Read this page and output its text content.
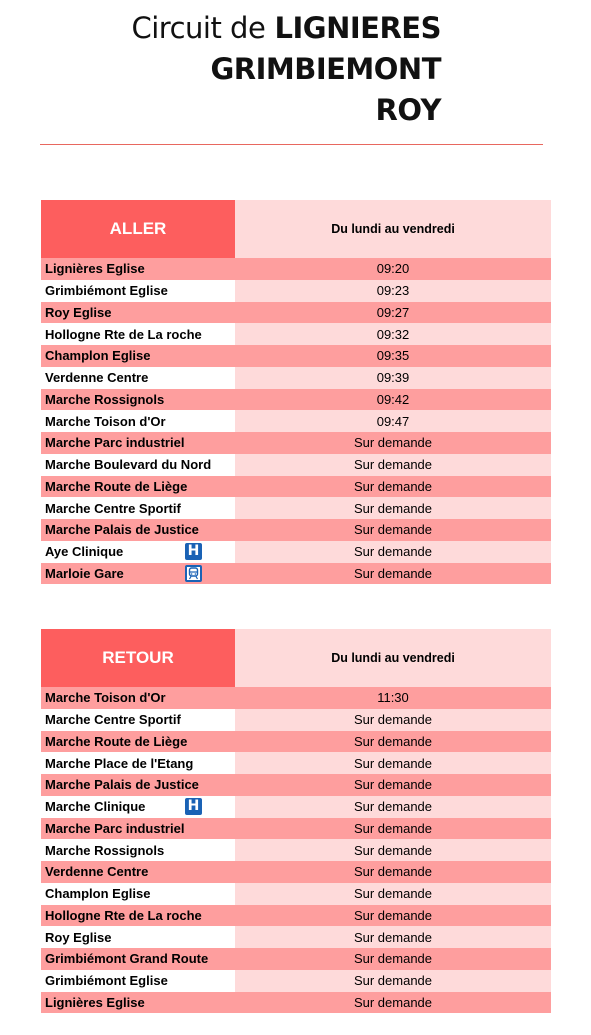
Circuit de LIGNIERES
GRIMBIEMONT
ROY
ALLER	Du lundi au vendredi
Lignières Eglise	09:20
Grimbiémont Eglise	09:23
Roy Eglise	09:27
Hollogne Rte de La roche	09:32
Champlon Eglise	09:35
Verdenne Centre	09:39
Marche Rossignols	09:42
Marche Toison d'Or	09:47
Marche Parc industriel	Sur demande
Marche Boulevard du Nord	Sur demande
Marche Route de Liège	Sur demande
Marche Centre Sportif	Sur demande
Marche Palais de Justice	Sur demande
Aye Clinique	H	Sur demande
Marloie Gare	Sur demande
RETOUR	Du lundi au vendredi
Marche Toison d'Or	11:30
Marche Centre Sportif	Sur demande
Marche Route de Liège	Sur demande
Marche Place de l'Etang	Sur demande
Marche Palais de Justice	Sur demande
Marche Clinique	H	Sur demande
Marche Parc industriel	Sur demande
Marche Rossignols	Sur demande
Verdenne Centre	Sur demande
Champlon Eglise	Sur demande
Hollogne Rte de La roche	Sur demande
Roy Eglise	Sur demande
Grimbiémont Grand Route	Sur demande
Grimbiémont Eglise	Sur demande
Lignières Eglise	Sur demande
